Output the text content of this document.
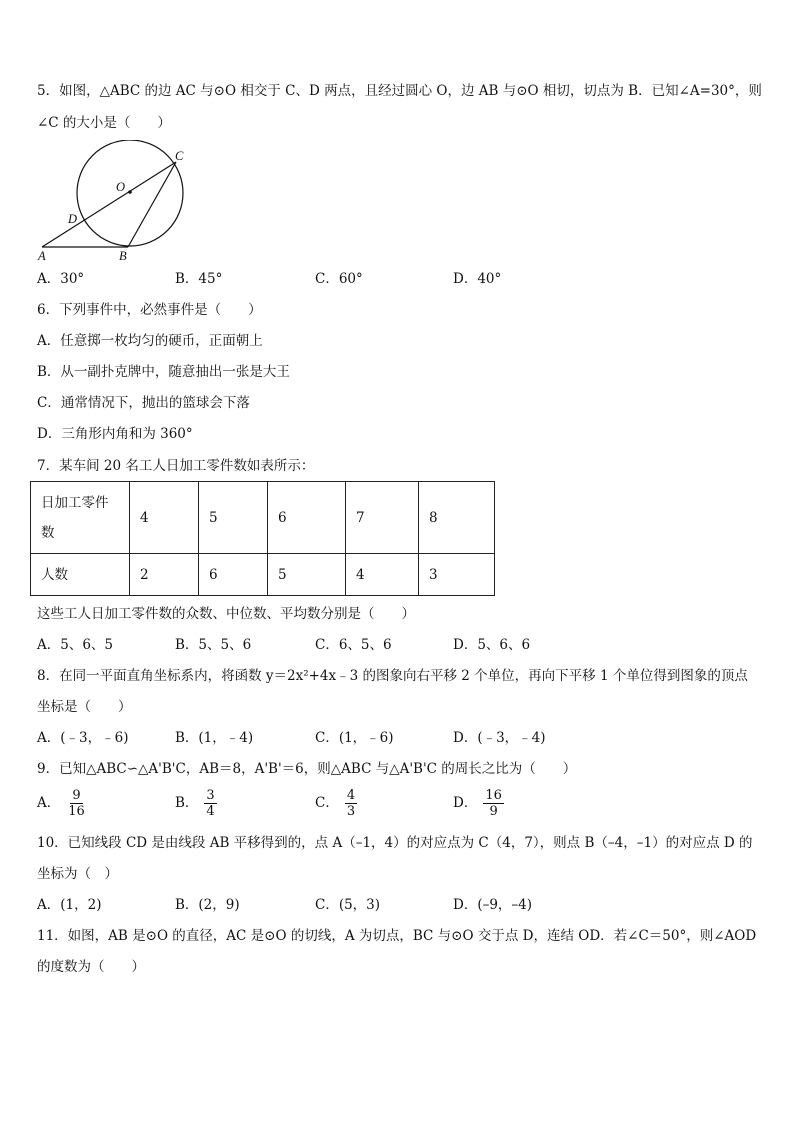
5．如图，△ABC 的边 AC 与⊙O 相交于 C、D 两点，且经过圆心 O，边 AB 与⊙O 相切，切点为 B．已知∠A=30°，则
∠C 的大小是（　　）
O
C
D
A	B
A．30°	B．45°	C．60°	D．40°
6．下列事件中，必然事件是（　　）
A．任意掷一枚均匀的硬币，正面朝上
B．从一副扑克牌中，随意抽出一张是大王
C．通常情况下，抛出的篮球会下落
D．三角形内角和为 360°
7．某车间 20 名工人日加工零件数如表所示：
日加工零件
数	4	5	6	7	8
人数	2	6	5	4	3
这些工人日加工零件数的众数、中位数、平均数分别是（　　）
A．5、6、5	B．5、5、6	C．6、5、6	D．5、6、6
8．在同一平面直角坐标系内，将函数 y＝2x²+4x﹣3 的图象向右平移 2 个单位，再向下平移 1 个单位得到图象的顶点
坐标是（　　）
A．(﹣3，﹣6)	B．(1，﹣4)	C．(1，﹣6)	D．(﹣3，﹣4)
9．已知△ABC∽△A'B'C，AB＝8，A'B'＝6，则△ABC 与△A'B'C 的周长之比为（　　）
A． $\frac{9}{16}$	B． $\frac{3}{4}$	C． $\frac{4}{3}$	D． $\frac{16}{9}$
10．已知线段 CD 是由线段 AB 平移得到的，点 A（–1，4）的对应点为 C（4，7），则点 B（–4，–1）的对应点 D 的
坐标为（　）
A．(1，2)	B．(2，9)	C．(5，3)	D．(–9，–4)
11．如图，AB 是⊙O 的直径，AC 是⊙O 的切线，A 为切点，BC 与⊙O 交于点 D，连结 OD．若∠C＝50°，则∠AOD
的度数为（　　）
